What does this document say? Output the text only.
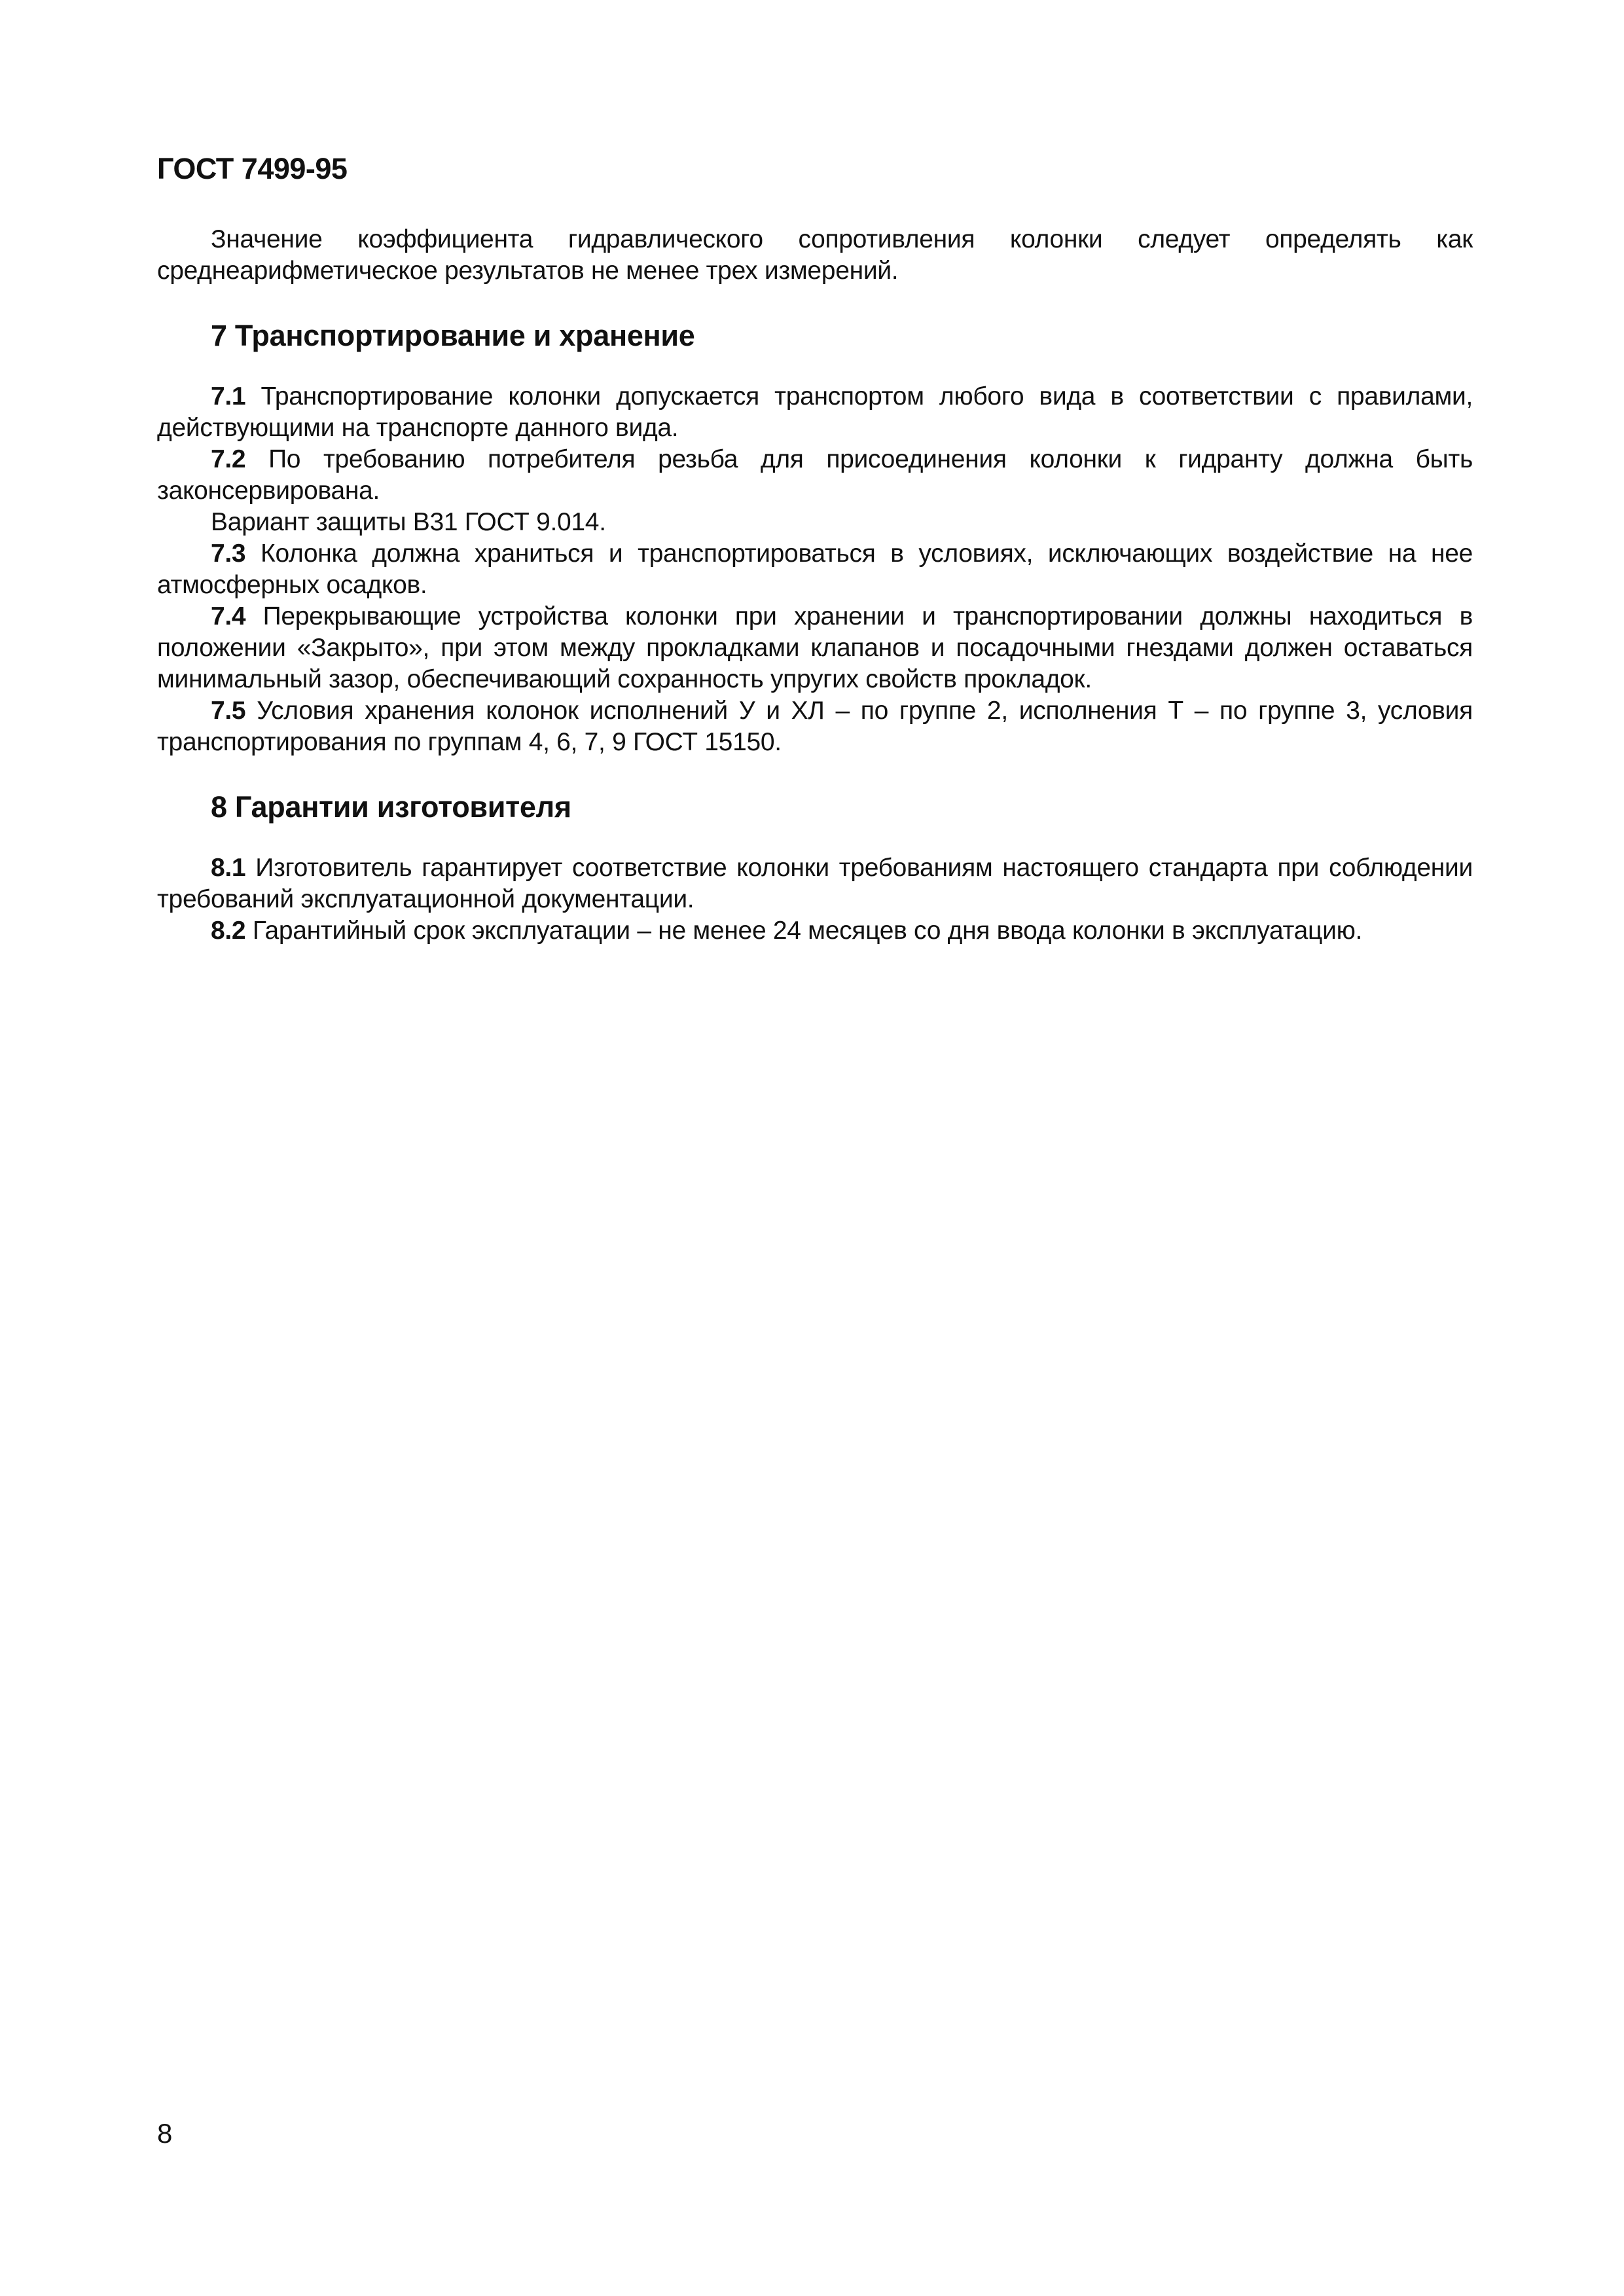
ГОСТ 7499-95

Значение коэффициента гидравлического сопротивления колонки следует определять как среднеарифметическое результатов не менее трех измерений.

7 Транспортирование и хранение

7.1 Транспортирование колонки допускается транспортом любого вида в соответствии с правилами, действующими на транспорте данного вида.

7.2 По требованию потребителя резьба для присоединения колонки к гидранту должна быть законсервирована.

Вариант защиты В31 ГОСТ 9.014.

7.3 Колонка должна храниться и транспортироваться в условиях, исключающих воздействие на нее атмосферных осадков.

7.4 Перекрывающие устройства колонки при хранении и транспортировании должны находиться в положении «Закрыто», при этом между прокладками клапанов и посадочными гнездами должен оставаться минимальный зазор, обеспечивающий сохранность упругих свойств прокладок.

7.5 Условия хранения колонок исполнений У и ХЛ – по группе 2, исполнения Т – по группе 3, условия транспортирования по группам 4, 6, 7, 9 ГОСТ 15150.

8 Гарантии изготовителя

8.1 Изготовитель гарантирует соответствие колонки требованиям настоящего стандарта при соблюдении требований эксплуатационной документации.

8.2 Гарантийный срок эксплуатации – не менее 24 месяцев со дня ввода колонки в эксплуатацию.

8
